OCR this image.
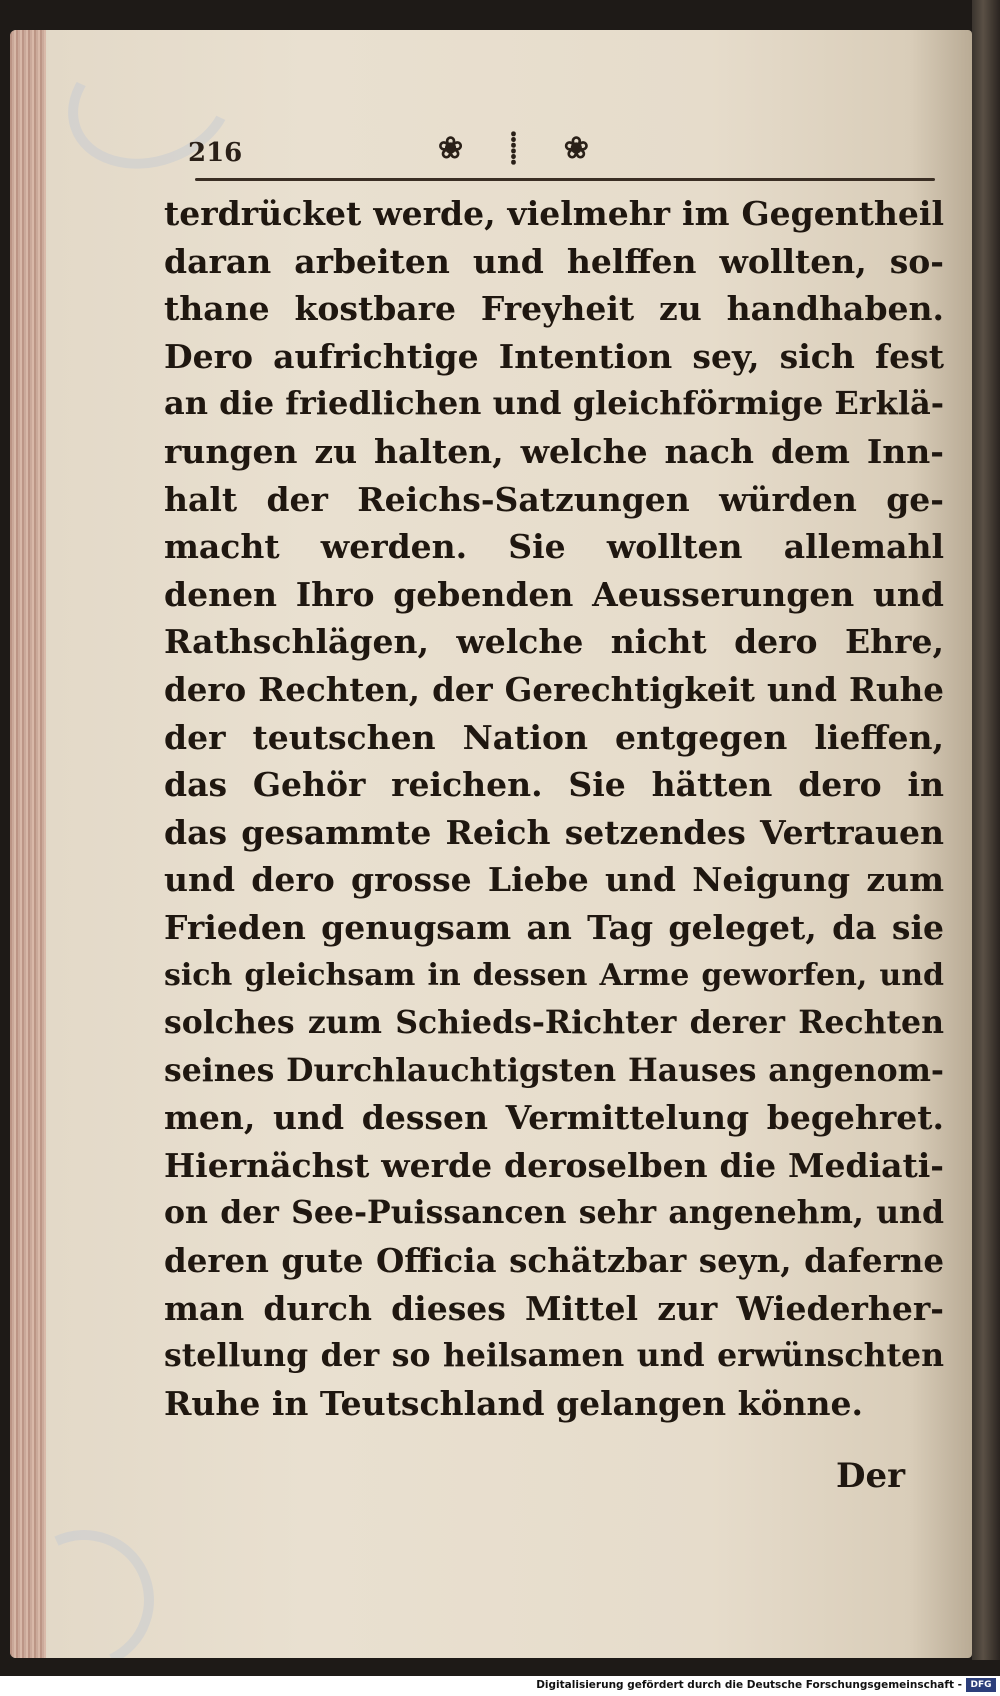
216	❀ ⸽ ❀
terdrücket werde, vielmehr im Gegentheil
daran arbeiten und helffen wollten, so-
thane kostbare Freyheit zu handhaben.
Dero aufrichtige Intention sey, sich fest
an die friedlichen und gleichförmige Erklä-
rungen zu halten, welche nach dem Inn-
halt der Reichs-Satzungen würden ge-
macht werden. Sie wollten allemahl
denen Ihro gebenden Aeusserungen und
Rathschlägen, welche nicht dero Ehre,
dero Rechten, der Gerechtigkeit und Ruhe
der teutschen Nation entgegen lieffen,
das Gehör reichen. Sie hätten dero in
das gesammte Reich setzendes Vertrauen
und dero grosse Liebe und Neigung zum
Frieden genugsam an Tag geleget, da sie
sich gleichsam in dessen Arme geworfen, und
solches zum Schieds-Richter derer Rechten
seines Durchlauchtigsten Hauses angenom-
men, und dessen Vermittelung begehret.
Hiernächst werde deroselben die Mediati-
on der See-Puissancen sehr angenehm, und
deren gute Officia schätzbar seyn, daferne
man durch dieses Mittel zur Wiederher-
stellung der so heilsamen und erwünschten
Ruhe in Teutschland gelangen könne.
Der
Digitalisierung gefördert durch die Deutsche Forschungsgemeinschaft - DFG
